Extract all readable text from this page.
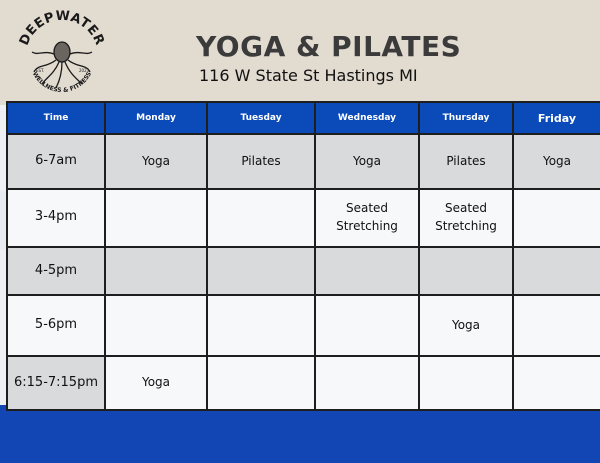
DEEPWATER
EST.	2023
WELLNESS & FITNESS
YOGA & PILATES
116 W State St Hastings MI
Time	Monday	Tuesday	Wednesday	Thursday	Friday
6-7am	Yoga	Pilates	Yoga	Pilates	Yoga
3-4pm			Seated Stretching	Seated Stretching	
4-5pm					
5-6pm				Yoga	
6:15-7:15pm	Yoga				
